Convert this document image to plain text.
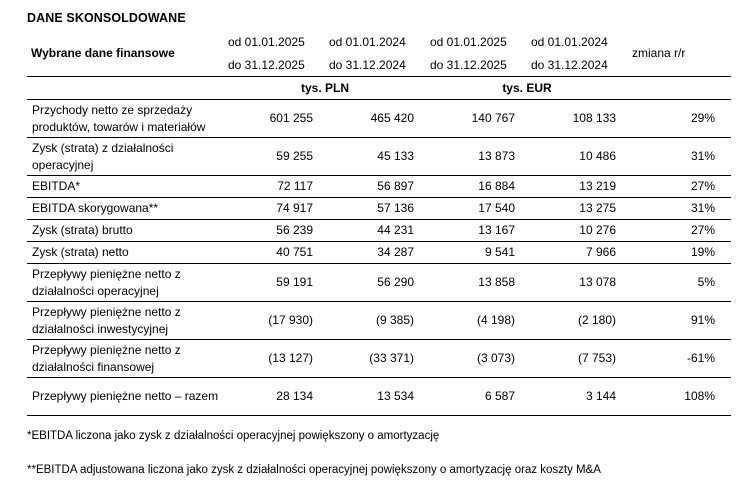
DANE SKONSOLDOWANE
Wybrane dane finansowe	od 01.01.2025	od 01.01.2024	od 01.01.2025	od 01.01.2024	zmiana r/r
	do 31.12.2025	do 31.12.2024	do 31.12.2025	do 31.12.2024	
	tys. PLN		tys. EUR		
Przychody netto ze sprzedaży produktów, towarów i materiałów	601 255	465 420	140 767	108 133	29%
Zysk (strata) z działalności operacyjnej	59 255	45 133	13 873	10 486	31%
EBITDA*	72 117	56 897	16 884	13 219	27%
EBITDA skorygowana**	74 917	57 136	17 540	13 275	31%
Zysk (strata) brutto	56 239	44 231	13 167	10 276	27%
Zysk (strata) netto	40 751	34 287	9 541	7 966	19%
Przepływy pieniężne netto z działalności operacyjnej	59 191	56 290	13 858	13 078	5%
Przepływy pieniężne netto z działalności inwestycyjnej	(17 930)	(9 385)	(4 198)	(2 180)	91%
Przepływy pieniężne netto z działalności finansowej	(13 127)	(33 371)	(3 073)	(7 753)	-61%
Przepływy pieniężne netto – razem	28 134	13 534	6 587	3 144	108%
*EBITDA liczona jako zysk z działalności operacyjnej powiększony o amortyzację
**EBITDA adjustowana liczona jako zysk z działalności operacyjnej powiększony o amortyzację oraz koszty M&A
